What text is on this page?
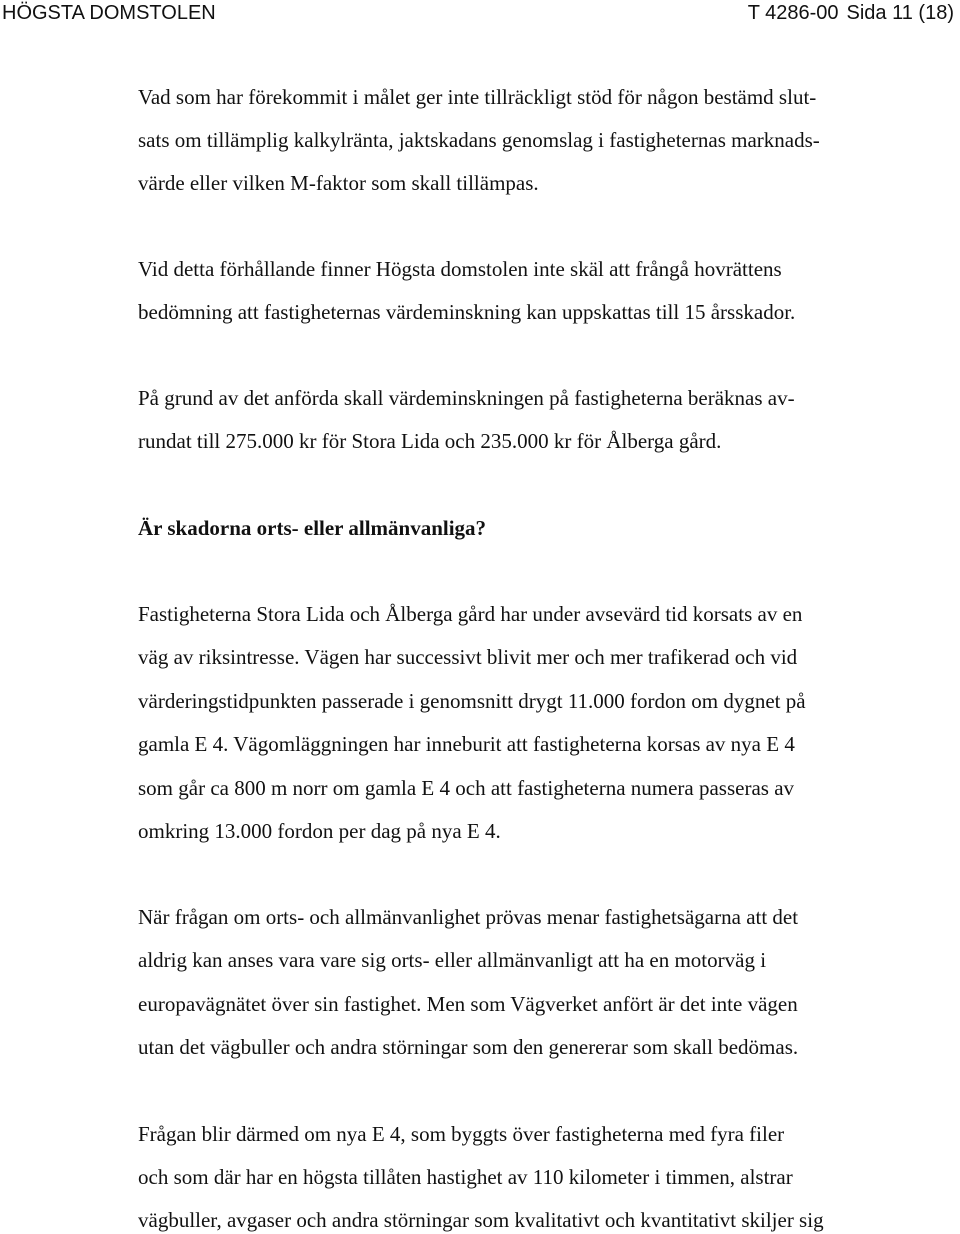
HÖGSTA DOMSTOLEN	T 4286-00 Sida 11 (18)
Vad som har förekommit i målet ger inte tillräckligt stöd för någon bestämd slut-
sats om tillämplig kalkylränta, jaktskadans genomslag i fastigheternas marknads-
värde eller vilken M-faktor som skall tillämpas.
Vid detta förhållande finner Högsta domstolen inte skäl att frångå hovrättens
bedömning att fastigheternas värdeminskning kan uppskattas till 15 årsskador.
På grund av det anförda skall värdeminskningen på fastigheterna beräknas av-
rundat till 275.000 kr för Stora Lida och 235.000 kr för Ålberga gård.
Är skadorna orts- eller allmänvanliga?
Fastigheterna Stora Lida och Ålberga gård har under avsevärd tid korsats av en
väg av riksintresse. Vägen har successivt blivit mer och mer trafikerad och vid
värderingstidpunkten passerade i genomsnitt drygt 11.000 fordon om dygnet på
gamla E 4. Vägomläggningen har inneburit att fastigheterna korsas av nya E 4
som går ca 800 m norr om gamla E 4 och att fastigheterna numera passeras av
omkring 13.000 fordon per dag på nya E 4.
När frågan om orts- och allmänvanlighet prövas menar fastighetsägarna att det
aldrig kan anses vara vare sig orts- eller allmänvanligt att ha en motorväg i
europavägnätet över sin fastighet. Men som Vägverket anfört är det inte vägen
utan det vägbuller och andra störningar som den genererar som skall bedömas.
Frågan blir därmed om nya E 4, som byggts över fastigheterna med fyra filer
och som där har en högsta tillåten hastighet av 110 kilometer i timmen, alstrar
vägbuller, avgaser och andra störningar som kvalitativt och kvantitativt skiljer sig
